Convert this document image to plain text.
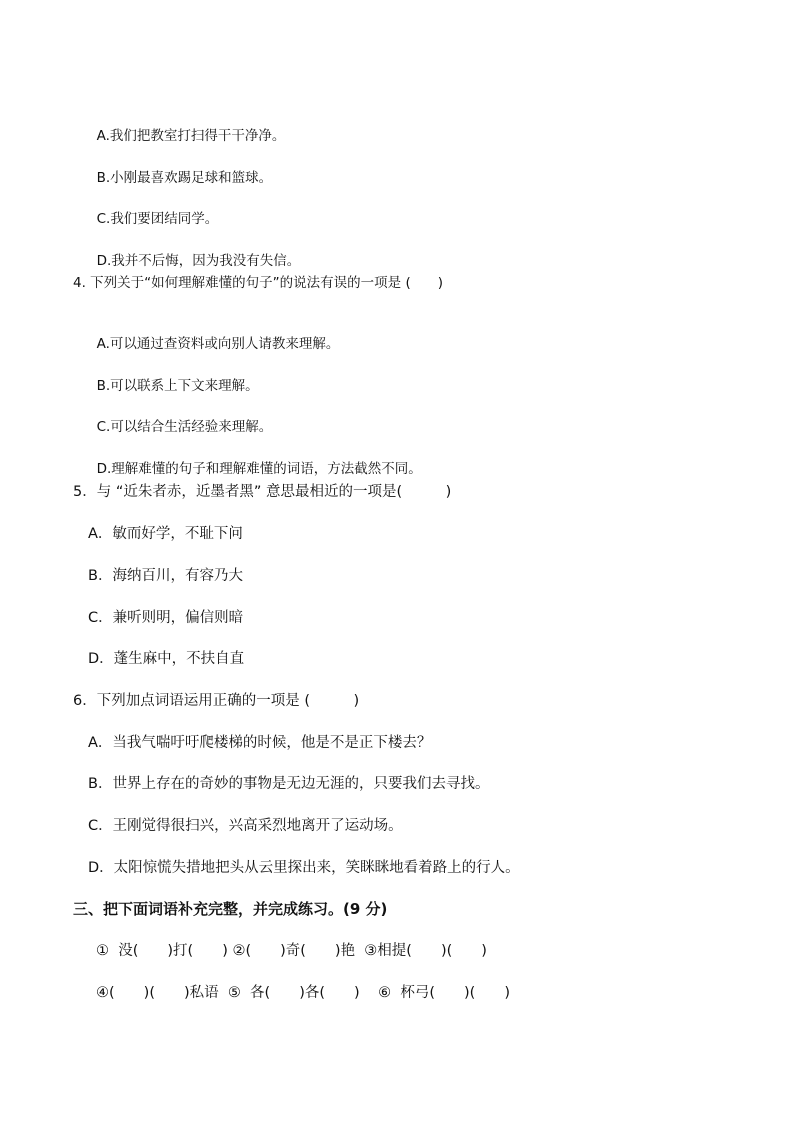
A.我们把教室打扫得干干净净。

B.小刚最喜欢踢足球和篮球。

C.我们要团结同学。

D.我并不后悔，因为我没有失信。

4. 下列关于“如何理解难懂的句子”的说法有误的一项是 (　　)

A.可以通过查资料或向别人请教来理解。

B.可以联系上下文来理解。

C.可以结合生活经验来理解。

D.理解难懂的句子和理解难懂的词语，方法截然不同。

5．与 “近朱者赤，近墨者黑” 意思最相近的一项是(　　　)
A．敏而好学，不耻下问
B．海纳百川，有容乃大
C．兼听则明，偏信则暗
D．蓬生麻中，不扶自直
6．下列加点词语运用正确的一项是 (　　　)
A．当我气喘吁吁爬楼梯的时候，他是不是正下楼去？
B．世界上存在的奇妙的事物是无边无涯的，只要我们去寻找。
C．王刚觉得很扫兴，兴高采烈地离开了运动场。
D．太阳惊慌失措地把头从云里探出来，笑眯眯地看着路上的行人。
三、把下面词语补充完整，并完成练习。(9 分)
①  没(　　)打(　　) ②(　　)奇(　　)艳  ③相提(　　)(　　)
④(　　)(　　)私语  ⑤  各(　　)各(　　)    ⑥  杯弓(　　)(　　)
